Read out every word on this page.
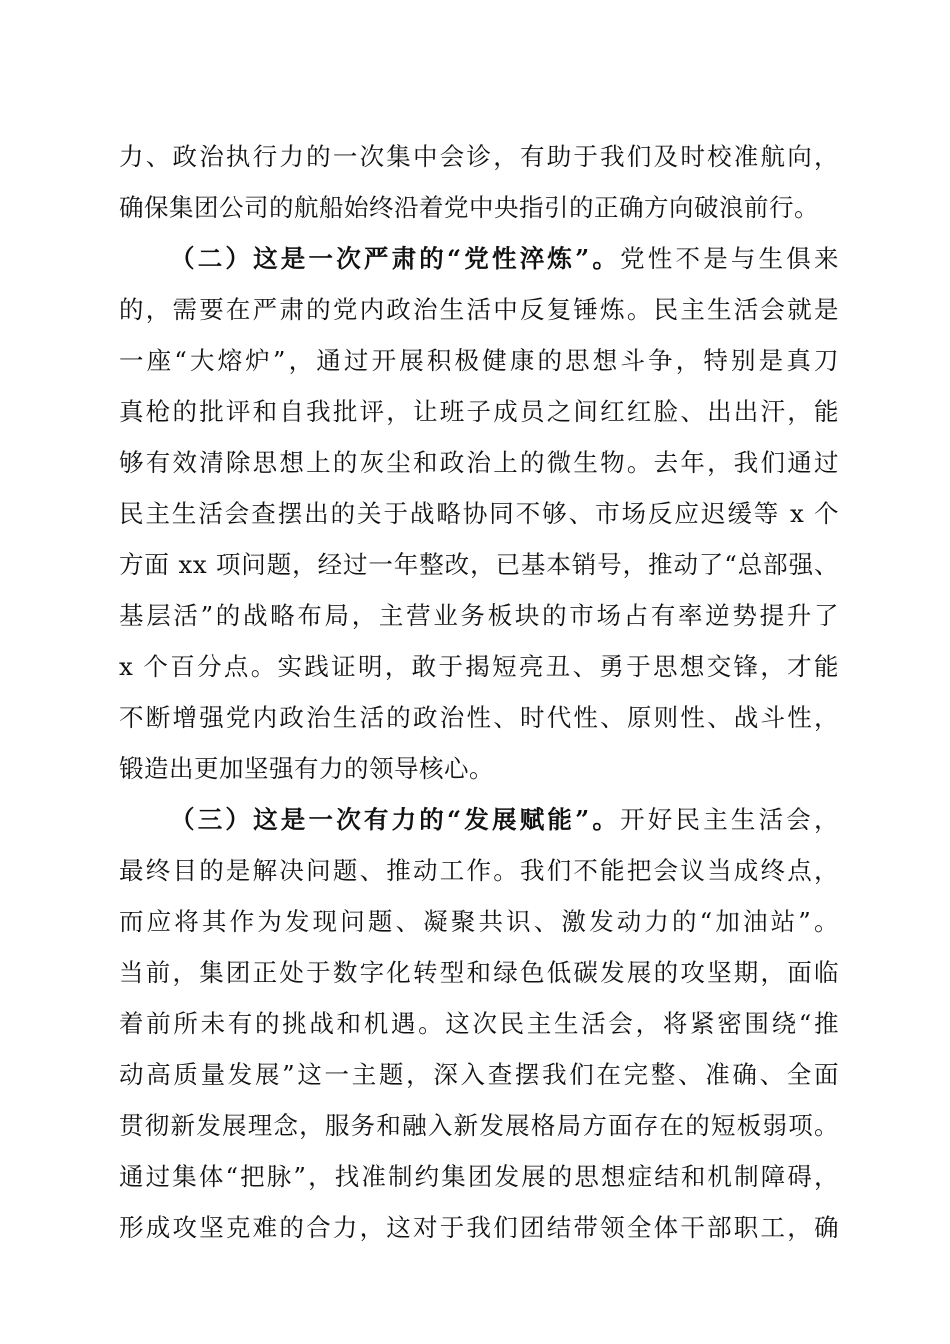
力、政治执行力的一次集中会诊，有助于我们及时校准航向，
确保集团公司的航船始终沿着党中央指引的正确方向破浪前行。
（二）这是一次严肃的“党性淬炼”。党性不是与生俱来
的，需要在严肃的党内政治生活中反复锤炼。民主生活会就是
一座“大熔炉”，通过开展积极健康的思想斗争，特别是真刀
真枪的批评和自我批评，让班子成员之间红红脸、出出汗，能
够有效清除思想上的灰尘和政治上的微生物。去年，我们通过
民主生活会查摆出的关于战略协同不够、市场反应迟缓等 x 个
方面 xx 项问题，经过一年整改，已基本销号，推动了“总部强、
基层活”的战略布局，主营业务板块的市场占有率逆势提升了
x 个百分点。实践证明，敢于揭短亮丑、勇于思想交锋，才能
不断增强党内政治生活的政治性、时代性、原则性、战斗性，
锻造出更加坚强有力的领导核心。
（三）这是一次有力的“发展赋能”。开好民主生活会，
最终目的是解决问题、推动工作。我们不能把会议当成终点，
而应将其作为发现问题、凝聚共识、激发动力的“加油站”。
当前，集团正处于数字化转型和绿色低碳发展的攻坚期，面临
着前所未有的挑战和机遇。这次民主生活会，将紧密围绕“推
动高质量发展”这一主题，深入查摆我们在完整、准确、全面
贯彻新发展理念，服务和融入新发展格局方面存在的短板弱项。
通过集体“把脉”，找准制约集团发展的思想症结和机制障碍，
形成攻坚克难的合力，这对于我们团结带领全体干部职工，确
